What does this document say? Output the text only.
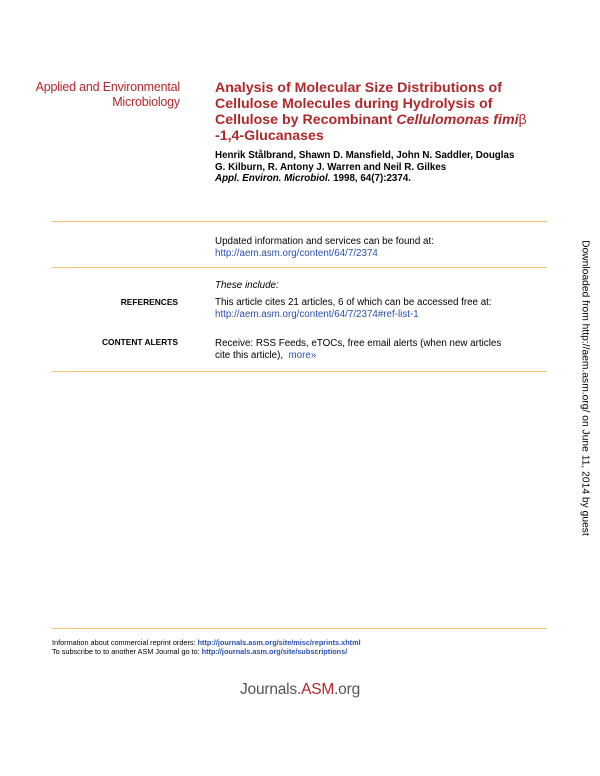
Applied and Environmental
Microbiology
Analysis of Molecular Size Distributions of
Cellulose Molecules during Hydrolysis of
Cellulose by Recombinant Cellulomonas fimiβ
-1,4-Glucanases
Henrik Stålbrand, Shawn D. Mansfield, John N. Saddler, Douglas
G. Kilburn, R. Antony J. Warren and Neil R. Gilkes
Appl. Environ. Microbiol. 1998, 64(7):2374.
Updated information and services can be found at:
http://aem.asm.org/content/64/7/2374
These include:
REFERENCES	This article cites 21 articles, 6 of which can be accessed free at:
http://aem.asm.org/content/64/7/2374#ref-list-1
CONTENT ALERTS	Receive: RSS Feeds, eTOCs, free email alerts (when new articles
cite this article), more»
Information about commercial reprint orders: http://journals.asm.org/site/misc/reprints.xhtml
To subscribe to to another ASM Journal go to: http://journals.asm.org/site/subscriptions/
Journals.ASM.org
Downloaded from http://aem.asm.org/ on June 11, 2014 by guest
